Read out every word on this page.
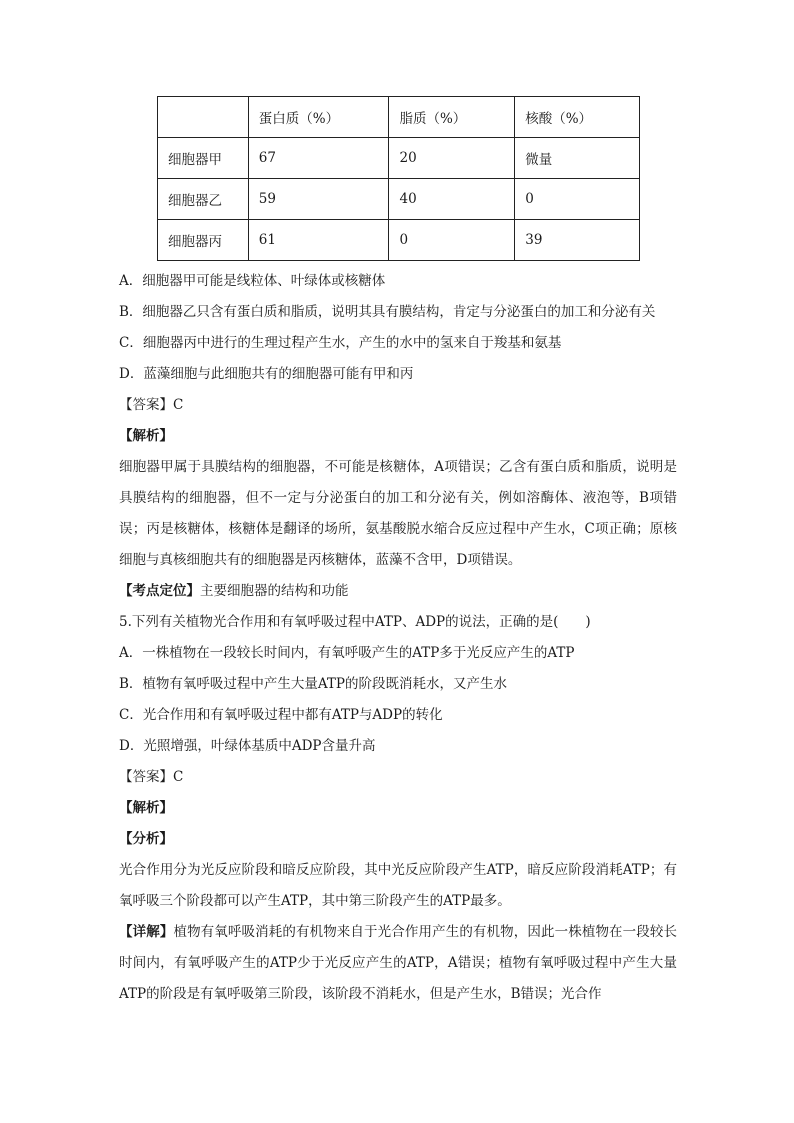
	蛋白质（%）	脂质（%）	核酸（%）
细胞器甲	67	20	微量
细胞器乙	59	40	0
细胞器丙	61	0	39

A．细胞器甲可能是线粒体、叶绿体或核糖体

B．细胞器乙只含有蛋白质和脂质，说明其具有膜结构，肯定与分泌蛋白的加工和分泌有关

C．细胞器丙中进行的生理过程产生水，产生的水中的氢来自于羧基和氨基

D．蓝藻细胞与此细胞共有的细胞器可能有甲和丙

【答案】C

【解析】

细胞器甲属于具膜结构的细胞器，不可能是核糖体，A项错误；乙含有蛋白质和脂质，说明是具膜结构的细胞器，但不一定与分泌蛋白的加工和分泌有关，例如溶酶体、液泡等，B项错误；丙是核糖体，核糖体是翻译的场所，氨基酸脱水缩合反应过程中产生水，C项正确；原核细胞与真核细胞共有的细胞器是丙核糖体，蓝藻不含甲，D项错误。

【考点定位】主要细胞器的结构和功能

5.下列有关植物光合作用和有氧呼吸过程中ATP、ADP的说法，正确的是(　　)

A．一株植物在一段较长时间内，有氧呼吸产生的ATP多于光反应产生的ATP

B．植物有氧呼吸过程中产生大量ATP的阶段既消耗水，又产生水

C．光合作用和有氧呼吸过程中都有ATP与ADP的转化

D．光照增强，叶绿体基质中ADP含量升高

【答案】C

【解析】

【分析】

光合作用分为光反应阶段和暗反应阶段，其中光反应阶段产生ATP，暗反应阶段消耗ATP；有氧呼吸三个阶段都可以产生ATP，其中第三阶段产生的ATP最多。

【详解】植物有氧呼吸消耗的有机物来自于光合作用产生的有机物，因此一株植物在一段较长时间内，有氧呼吸产生的ATP少于光反应产生的ATP，A错误；植物有氧呼吸过程中产生大量ATP的阶段是有氧呼吸第三阶段，该阶段不消耗水，但是产生水，B错误；光合作
